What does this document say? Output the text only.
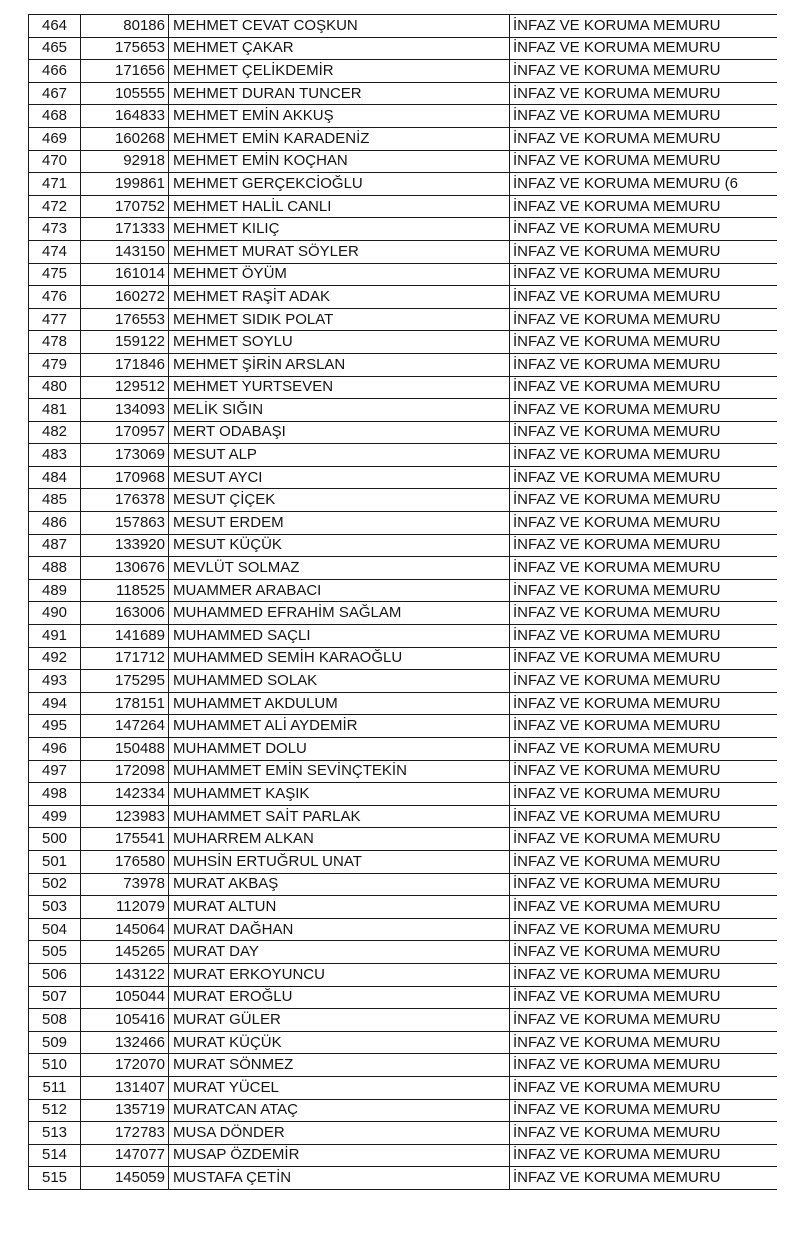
464	80186	MEHMET CEVAT COŞKUN	İNFAZ VE KORUMA MEMURU
465	175653	MEHMET ÇAKAR	İNFAZ VE KORUMA MEMURU
466	171656	MEHMET ÇELİKDEMİR	İNFAZ VE KORUMA MEMURU
467	105555	MEHMET DURAN TUNCER	İNFAZ VE KORUMA MEMURU
468	164833	MEHMET EMİN AKKUŞ	İNFAZ VE KORUMA MEMURU
469	160268	MEHMET EMİN KARADENİZ	İNFAZ VE KORUMA MEMURU
470	92918	MEHMET EMİN KOÇHAN	İNFAZ VE KORUMA MEMURU
471	199861	MEHMET GERÇEKCİOĞLU	İNFAZ VE KORUMA MEMURU (6
472	170752	MEHMET HALİL CANLI	İNFAZ VE KORUMA MEMURU
473	171333	MEHMET KILIÇ	İNFAZ VE KORUMA MEMURU
474	143150	MEHMET MURAT SÖYLER	İNFAZ VE KORUMA MEMURU
475	161014	MEHMET ÖYÜM	İNFAZ VE KORUMA MEMURU
476	160272	MEHMET RAŞİT ADAK	İNFAZ VE KORUMA MEMURU
477	176553	MEHMET SIDIK POLAT	İNFAZ VE KORUMA MEMURU
478	159122	MEHMET SOYLU	İNFAZ VE KORUMA MEMURU
479	171846	MEHMET ŞİRİN ARSLAN	İNFAZ VE KORUMA MEMURU
480	129512	MEHMET YURTSEVEN	İNFAZ VE KORUMA MEMURU
481	134093	MELİK SIĞIN	İNFAZ VE KORUMA MEMURU
482	170957	MERT ODABAŞI	İNFAZ VE KORUMA MEMURU
483	173069	MESUT ALP	İNFAZ VE KORUMA MEMURU
484	170968	MESUT AYCI	İNFAZ VE KORUMA MEMURU
485	176378	MESUT ÇİÇEK	İNFAZ VE KORUMA MEMURU
486	157863	MESUT ERDEM	İNFAZ VE KORUMA MEMURU
487	133920	MESUT KÜÇÜK	İNFAZ VE KORUMA MEMURU
488	130676	MEVLÜT SOLMAZ	İNFAZ VE KORUMA MEMURU
489	118525	MUAMMER ARABACI	İNFAZ VE KORUMA MEMURU
490	163006	MUHAMMED EFRAHİM SAĞLAM	İNFAZ VE KORUMA MEMURU
491	141689	MUHAMMED SAÇLI	İNFAZ VE KORUMA MEMURU
492	171712	MUHAMMED SEMİH KARAOĞLU	İNFAZ VE KORUMA MEMURU
493	175295	MUHAMMED SOLAK	İNFAZ VE KORUMA MEMURU
494	178151	MUHAMMET AKDULUM	İNFAZ VE KORUMA MEMURU
495	147264	MUHAMMET ALİ AYDEMİR	İNFAZ VE KORUMA MEMURU
496	150488	MUHAMMET DOLU	İNFAZ VE KORUMA MEMURU
497	172098	MUHAMMET EMİN SEVİNÇTEKİN	İNFAZ VE KORUMA MEMURU
498	142334	MUHAMMET KAŞIK	İNFAZ VE KORUMA MEMURU
499	123983	MUHAMMET SAİT PARLAK	İNFAZ VE KORUMA MEMURU
500	175541	MUHARREM ALKAN	İNFAZ VE KORUMA MEMURU
501	176580	MUHSİN ERTUĞRUL UNAT	İNFAZ VE KORUMA MEMURU
502	73978	MURAT AKBAŞ	İNFAZ VE KORUMA MEMURU
503	112079	MURAT ALTUN	İNFAZ VE KORUMA MEMURU
504	145064	MURAT DAĞHAN	İNFAZ VE KORUMA MEMURU
505	145265	MURAT DAY	İNFAZ VE KORUMA MEMURU
506	143122	MURAT ERKOYUNCU	İNFAZ VE KORUMA MEMURU
507	105044	MURAT EROĞLU	İNFAZ VE KORUMA MEMURU
508	105416	MURAT GÜLER	İNFAZ VE KORUMA MEMURU
509	132466	MURAT KÜÇÜK	İNFAZ VE KORUMA MEMURU
510	172070	MURAT SÖNMEZ	İNFAZ VE KORUMA MEMURU
511	131407	MURAT YÜCEL	İNFAZ VE KORUMA MEMURU
512	135719	MURATCAN ATAÇ	İNFAZ VE KORUMA MEMURU
513	172783	MUSA DÖNDER	İNFAZ VE KORUMA MEMURU
514	147077	MUSAP ÖZDEMİR	İNFAZ VE KORUMA MEMURU
515	145059	MUSTAFA ÇETİN	İNFAZ VE KORUMA MEMURU
